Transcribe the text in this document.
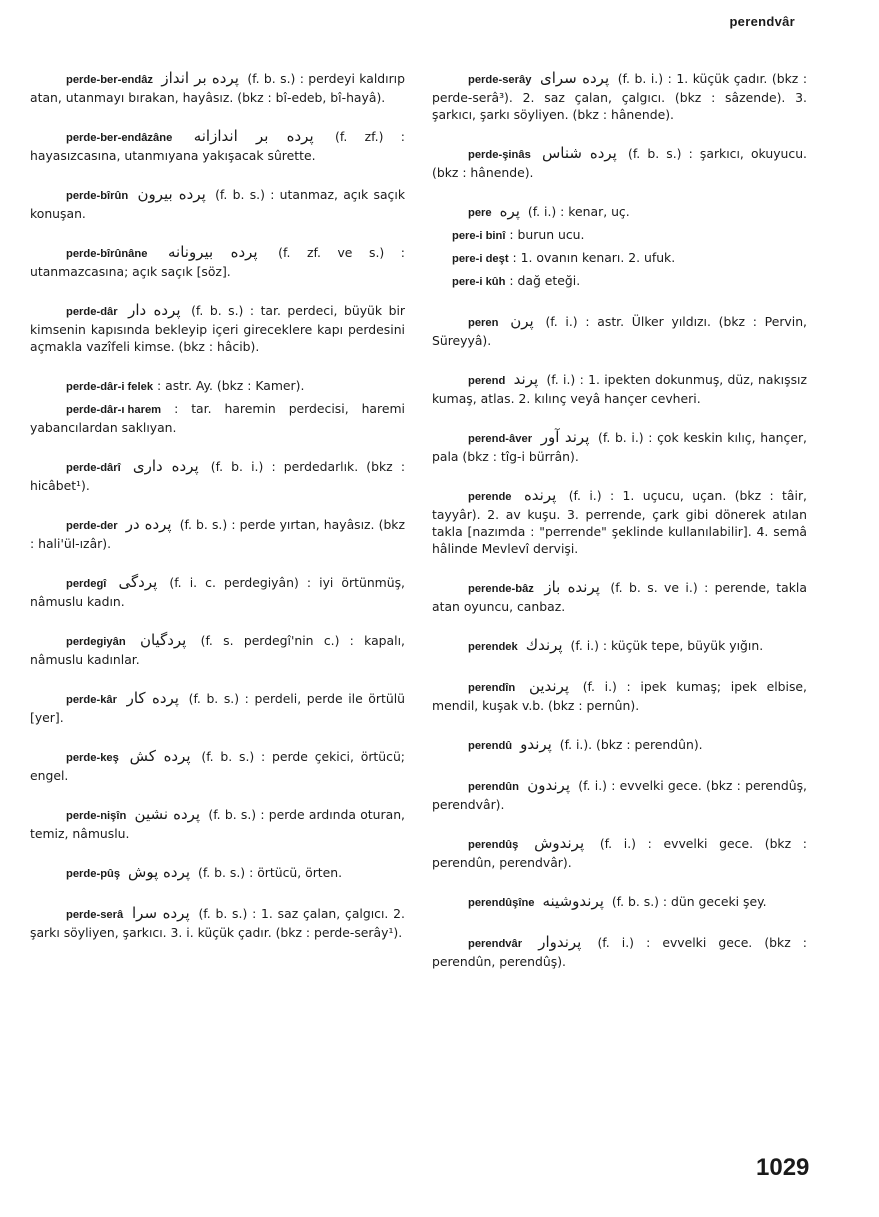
perendvâr

perde-ber-endâz پرده بر انداز (f. b. s.) : perdeyi kaldırıp atan, utanmayı bırakan, hayâsız. (bkz : bî-edeb, bî-hayâ).

perde-ber-endâzâne پرده بر اندازانه (f. zf.) : hayasızcasına, utanmıyana yakışacak sûrette.

perde-bîrûn پرده بيرون (f. b. s.) : utanmaz, açık saçık konuşan.

perde-bîrûnâne پرده بيرونانه (f. zf. ve s.) : utanmazcasına; açık saçık [söz].

perde-dâr پرده دار (f. b. s.) : tar. perdeci, büyük bir kimsenin kapısında bekleyip içeri gireceklere kapı perdesini açmakla vazîfeli kimse. (bkz : hâcib).

perde-dâr-i felek : astr. Ay. (bkz : Kamer).

perde-dâr-ı harem : tar. haremin perdecisi, haremi yabancılardan saklıyan.

perde-dârî پرده دارى (f. b. i.) : perdedarlık. (bkz : hicâbet¹).

perde-der پرده در (f. b. s.) : perde yırtan, hayâsız. (bkz : hali'ül-ızâr).

perdegî پردگى (f. i. c. perdegiyân) : iyi örtünmüş, nâmuslu kadın.

perdegiyân پردگيان (f. s. perdegî'nin c.) : kapalı, nâmuslu kadınlar.

perde-kâr پرده كار (f. b. s.) : perdeli, perde ile örtülü [yer].

perde-keş پرده كش (f. b. s.) : perde çekici, örtücü; engel.

perde-nişîn پرده نشين (f. b. s.) : perde ardında oturan, temiz, nâmuslu.

perde-pûş پرده پوش (f. b. s.) : örtücü, örten.

perde-serâ پرده سرا (f. b. s.) : 1. saz çalan, çalgıcı. 2. şarkı söyliyen, şarkıcı. 3. i. küçük çadır. (bkz : perde-serây¹).

perde-serây پرده سراى (f. b. i.) : 1. küçük çadır. (bkz : perde-serâ³). 2. saz çalan, çalgıcı. (bkz : sâzende). 3. şarkıcı, şarkı söyliyen. (bkz : hânende).

perde-şinâs پرده شناس (f. b. s.) : şarkıcı, okuyucu. (bkz : hânende).

pere پره (f. i.) : kenar, uç.

pere-i binî : burun ucu.

pere-i deşt : 1. ovanın kenarı. 2. ufuk.

pere-i kûh : dağ eteği.

peren پرن (f. i.) : astr. Ülker yıldızı. (bkz : Pervin, Süreyyâ).

perend پرند (f. i.) : 1. ipekten dokunmuş, düz, nakışsız kumaş, atlas. 2. kılınç veyâ hançer cevheri.

perend-âver پرند آور (f. b. i.) : çok keskin kılıç, hançer, pala (bkz : tîg-i bürrân).

perende پرنده (f. i.) : 1. uçucu, uçan. (bkz : tâir, tayyâr). 2. av kuşu. 3. perrende, çark gibi dönerek atılan takla [nazımda : "perrende" şeklinde kullanılabilir]. 4. semâ hâlinde Mevlevî dervişi.

perende-bâz پرنده باز (f. b. s. ve i.) : perende, takla atan oyuncu, canbaz.

perendek پرندك (f. i.) : küçük tepe, büyük yığın.

perendîn پرندين (f. i.) : ipek kumaş; ipek elbise, mendil, kuşak v.b. (bkz : pernûn).

perendû پرندو (f. i.). (bkz : perendûn).

perendûn پرندون (f. i.) : evvelki gece. (bkz : perendûş, perendvâr).

perendûş پرندوش (f. i.) : evvelki gece. (bkz : perendûn, perendvâr).

perendûşîne پرندوشينه (f. b. s.) : dün geceki şey.

perendvâr پرندوار (f. i.) : evvelki gece. (bkz : perendûn, perendûş).

1029
